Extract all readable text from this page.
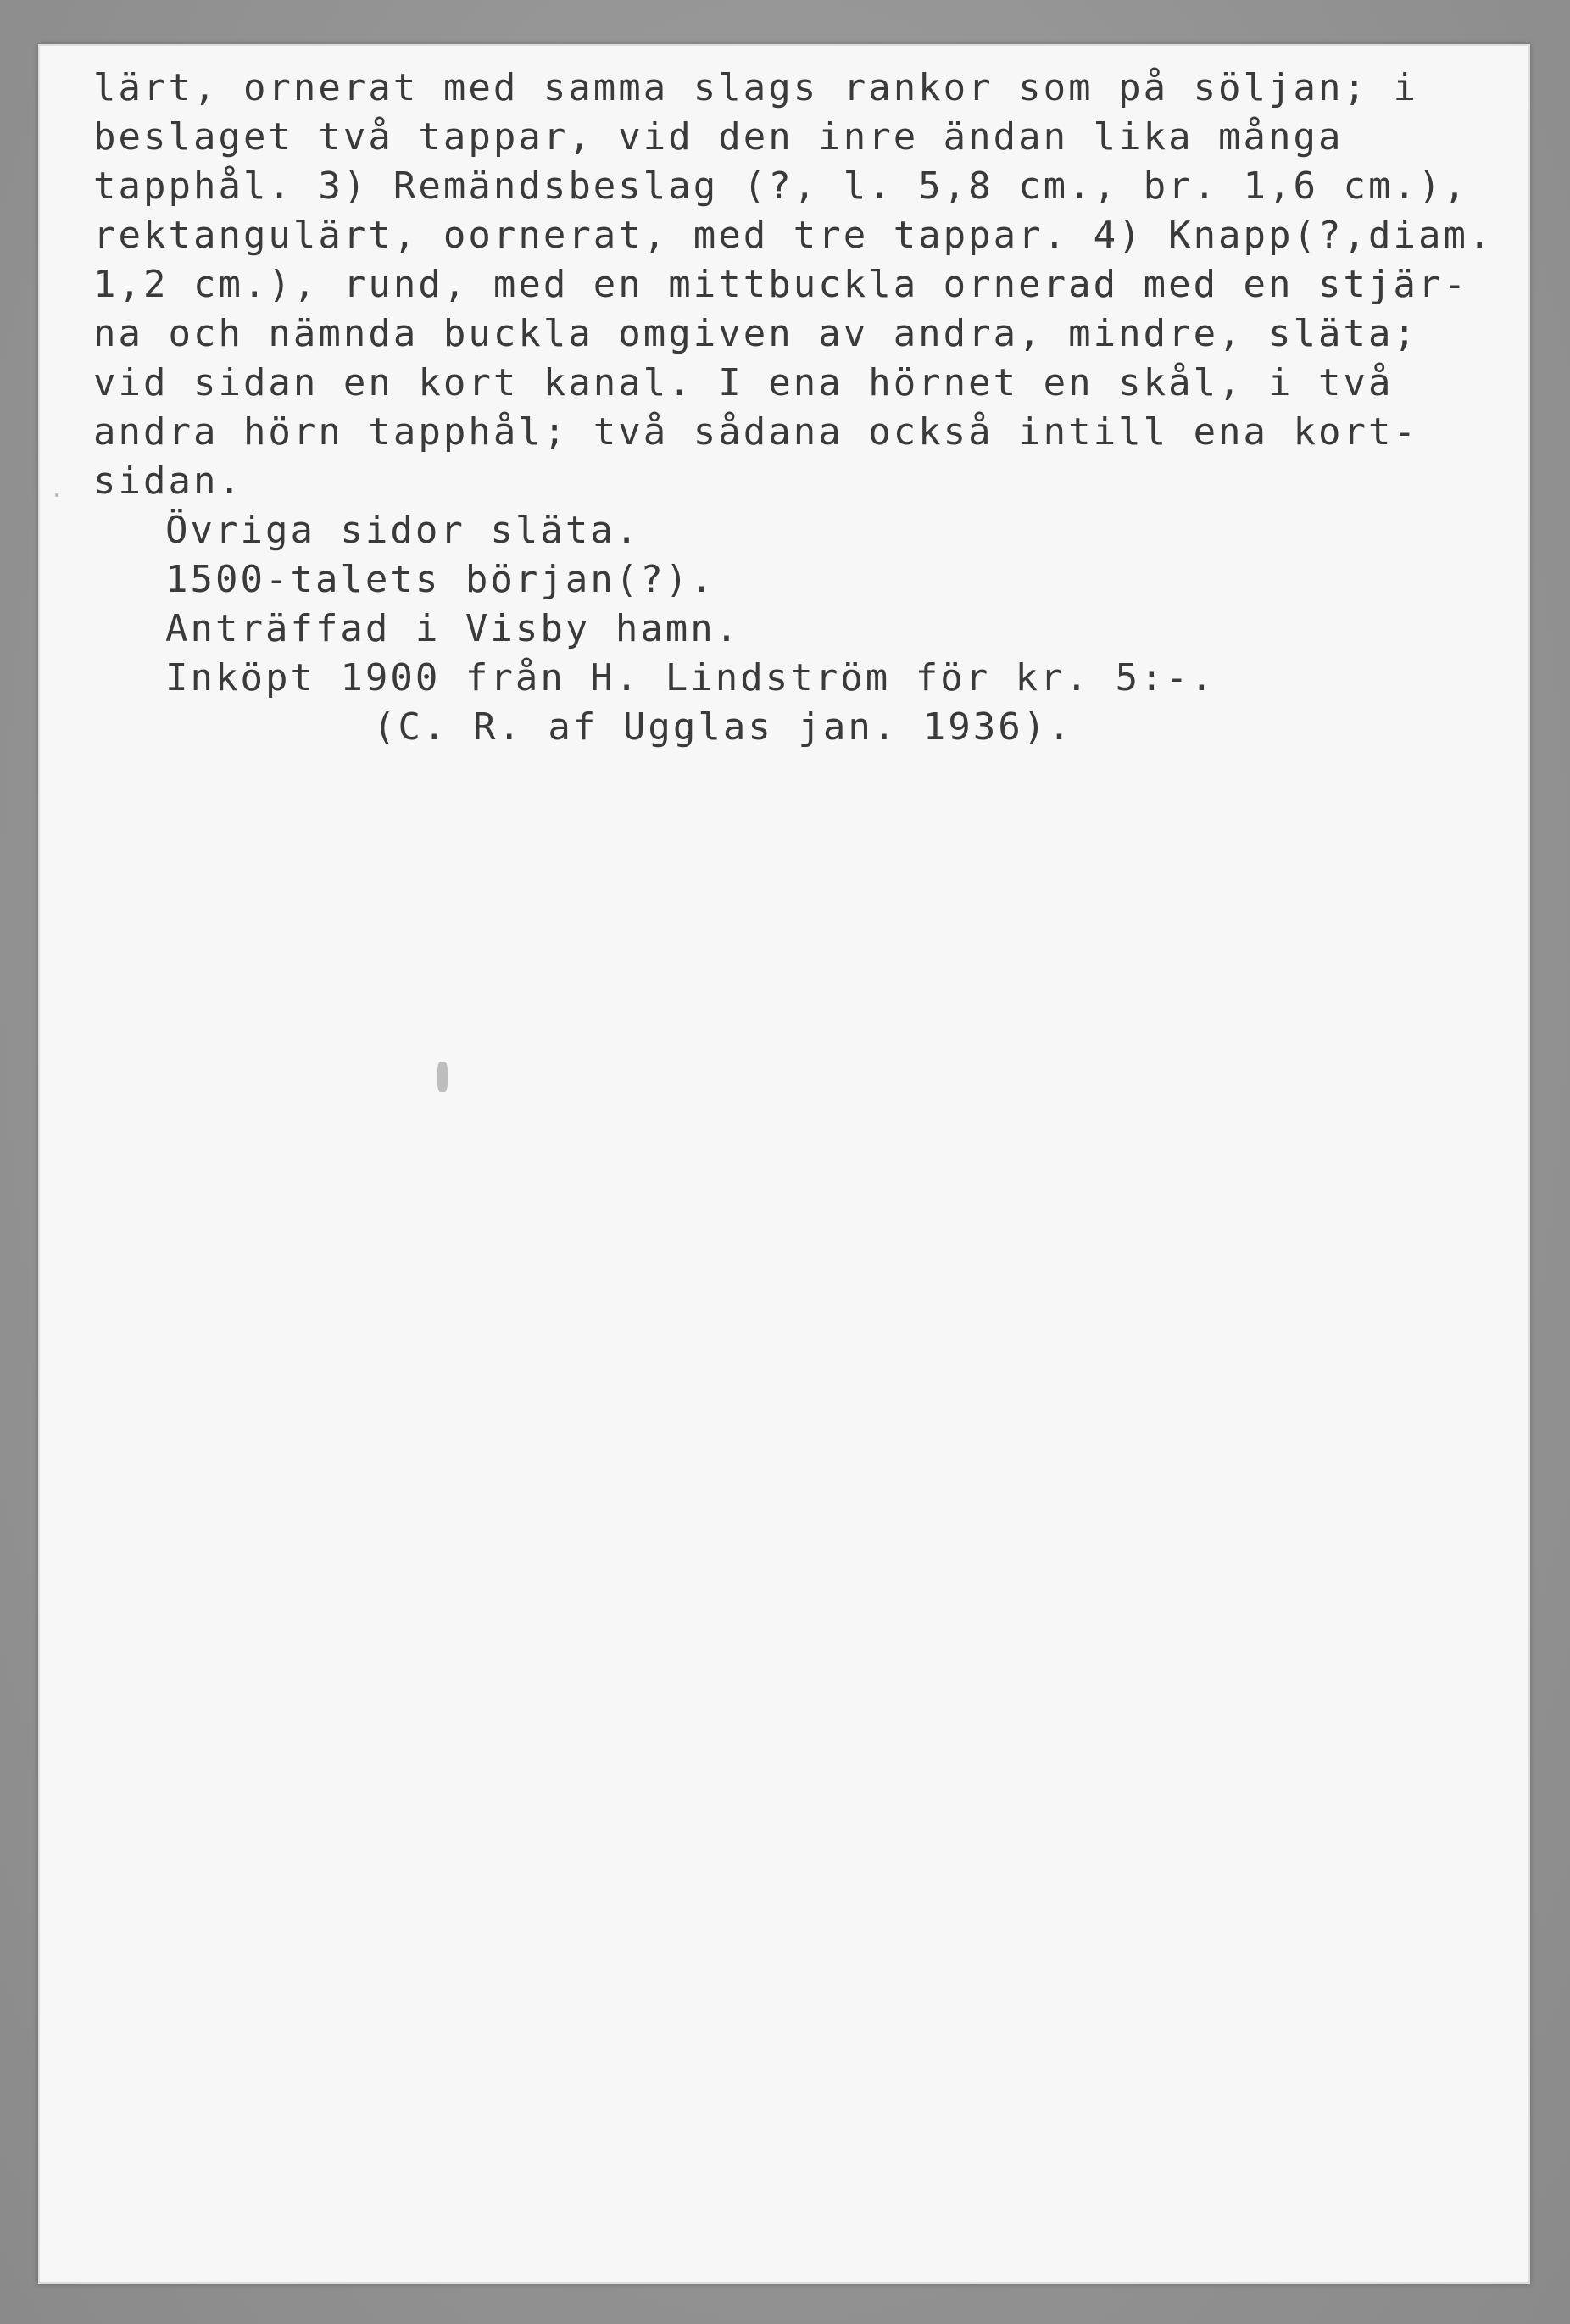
lärt, ornerat med samma slags rankor som på söljan; i
beslaget två tappar, vid den inre ändan lika många
tapphål. 3) Remändsbeslag (?, l. 5,8 cm., br. 1,6 cm.),
rektangulärt, oornerat, med tre tappar. 4) Knapp(?,diam.
1,2 cm.), rund, med en mittbuckla ornerad med en stjär-
na och nämnda buckla omgiven av andra, mindre, släta;
vid sidan en kort kanal. I ena hörnet en skål, i två
andra hörn tapphål; två sådana också intill ena kort-
sidan.
Övriga sidor släta.
1500-talets början(?).
Anträffad i Visby hamn.
Inköpt 1900 från H. Lindström för kr. 5:-.
(C. R. af Ugglas jan. 1936).
